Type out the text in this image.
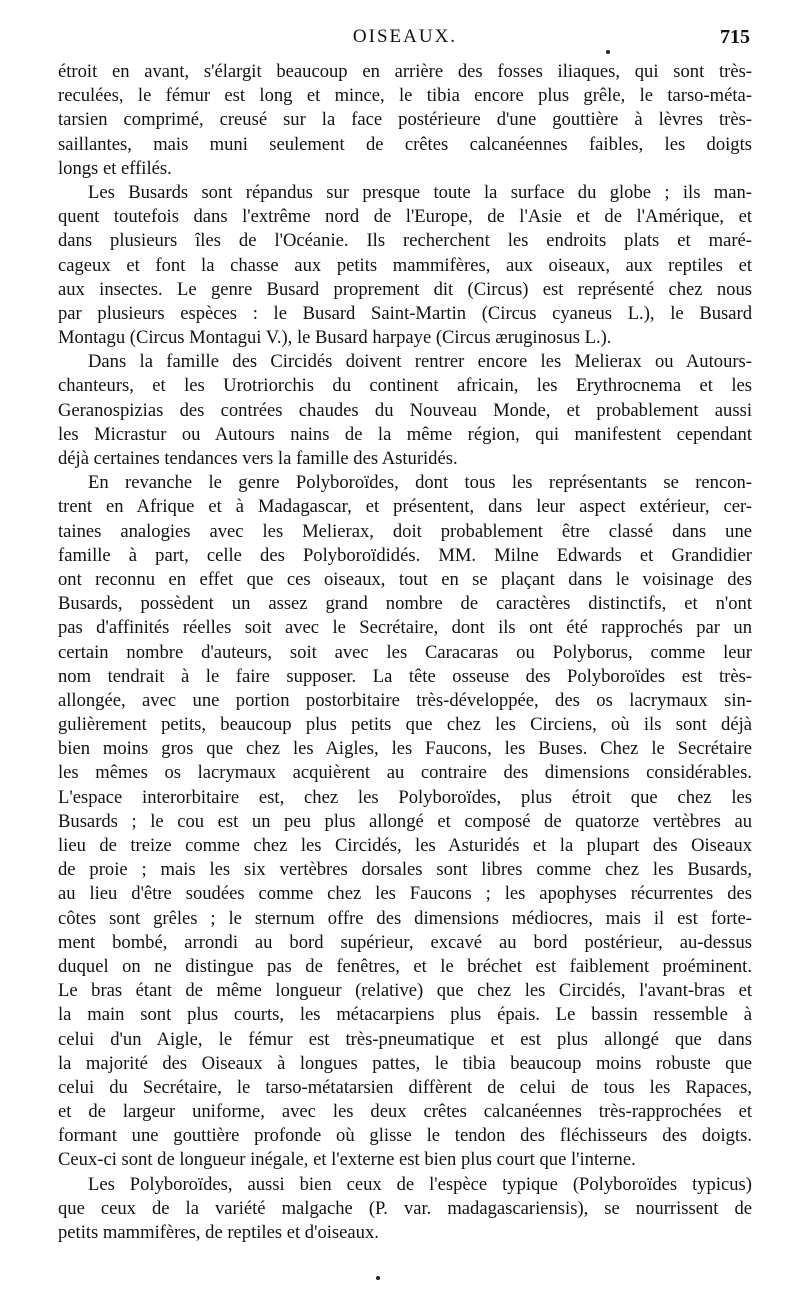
OISEAUX.	715
étroit en avant, s'élargit beaucoup en arrière des fosses iliaques, qui sont très-
reculées, le fémur est long et mince, le tibia encore plus grêle, le tarso-méta-
tarsien comprimé, creusé sur la face postérieure d'une gouttière à lèvres très-
saillantes, mais muni seulement de crêtes calcanéennes faibles, les doigts
longs et effilés.
Les Busards sont répandus sur presque toute la surface du globe ; ils man-
quent toutefois dans l'extrême nord de l'Europe, de l'Asie et de l'Amérique, et
dans plusieurs îles de l'Océanie. Ils recherchent les endroits plats et maré-
cageux et font la chasse aux petits mammifères, aux oiseaux, aux reptiles et
aux insectes. Le genre Busard proprement dit (Circus) est représenté chez nous
par plusieurs espèces : le Busard Saint-Martin (Circus cyaneus L.), le Busard
Montagu (Circus Montagui V.), le Busard harpaye (Circus æruginosus L.).
Dans la famille des Circidés doivent rentrer encore les Melierax ou Autours-
chanteurs, et les Urotriorchis du continent africain, les Erythrocnema et les
Geranospizias des contrées chaudes du Nouveau Monde, et probablement aussi
les Micrastur ou Autours nains de la même région, qui manifestent cependant
déjà certaines tendances vers la famille des Asturidés.
En revanche le genre Polyboroïdes, dont tous les représentants se rencon-
trent en Afrique et à Madagascar, et présentent, dans leur aspect extérieur, cer-
taines analogies avec les Melierax, doit probablement être classé dans une
famille à part, celle des Polyboroïdidés. MM. Milne Edwards et Grandidier
ont reconnu en effet que ces oiseaux, tout en se plaçant dans le voisinage des
Busards, possèdent un assez grand nombre de caractères distinctifs, et n'ont
pas d'affinités réelles soit avec le Secrétaire, dont ils ont été rapprochés par un
certain nombre d'auteurs, soit avec les Caracaras ou Polyborus, comme leur
nom tendrait à le faire supposer. La tête osseuse des Polyboroïdes est très-
allongée, avec une portion postorbitaire très-développée, des os lacrymaux sin-
gulièrement petits, beaucoup plus petits que chez les Circiens, où ils sont déjà
bien moins gros que chez les Aigles, les Faucons, les Buses. Chez le Secrétaire
les mêmes os lacrymaux acquièrent au contraire des dimensions considérables.
L'espace interorbitaire est, chez les Polyboroïdes, plus étroit que chez les
Busards ; le cou est un peu plus allongé et composé de quatorze vertèbres au
lieu de treize comme chez les Circidés, les Asturidés et la plupart des Oiseaux
de proie ; mais les six vertèbres dorsales sont libres comme chez les Busards,
au lieu d'être soudées comme chez les Faucons ; les apophyses récurrentes des
côtes sont grêles ; le sternum offre des dimensions médiocres, mais il est forte-
ment bombé, arrondi au bord supérieur, excavé au bord postérieur, au-dessus
duquel on ne distingue pas de fenêtres, et le bréchet est faiblement proéminent.
Le bras étant de même longueur (relative) que chez les Circidés, l'avant-bras et
la main sont plus courts, les métacarpiens plus épais. Le bassin ressemble à
celui d'un Aigle, le fémur est très-pneumatique et est plus allongé que dans
la majorité des Oiseaux à longues pattes, le tibia beaucoup moins robuste que
celui du Secrétaire, le tarso-métatarsien diffèrent de celui de tous les Rapaces,
et de largeur uniforme, avec les deux crêtes calcanéennes très-rapprochées et
formant une gouttière profonde où glisse le tendon des fléchisseurs des doigts.
Ceux-ci sont de longueur inégale, et l'externe est bien plus court que l'interne.
Les Polyboroïdes, aussi bien ceux de l'espèce typique (Polyboroïdes typicus)
que ceux de la variété malgache (P. var. madagascariensis), se nourrissent de
petits mammifères, de reptiles et d'oiseaux.
